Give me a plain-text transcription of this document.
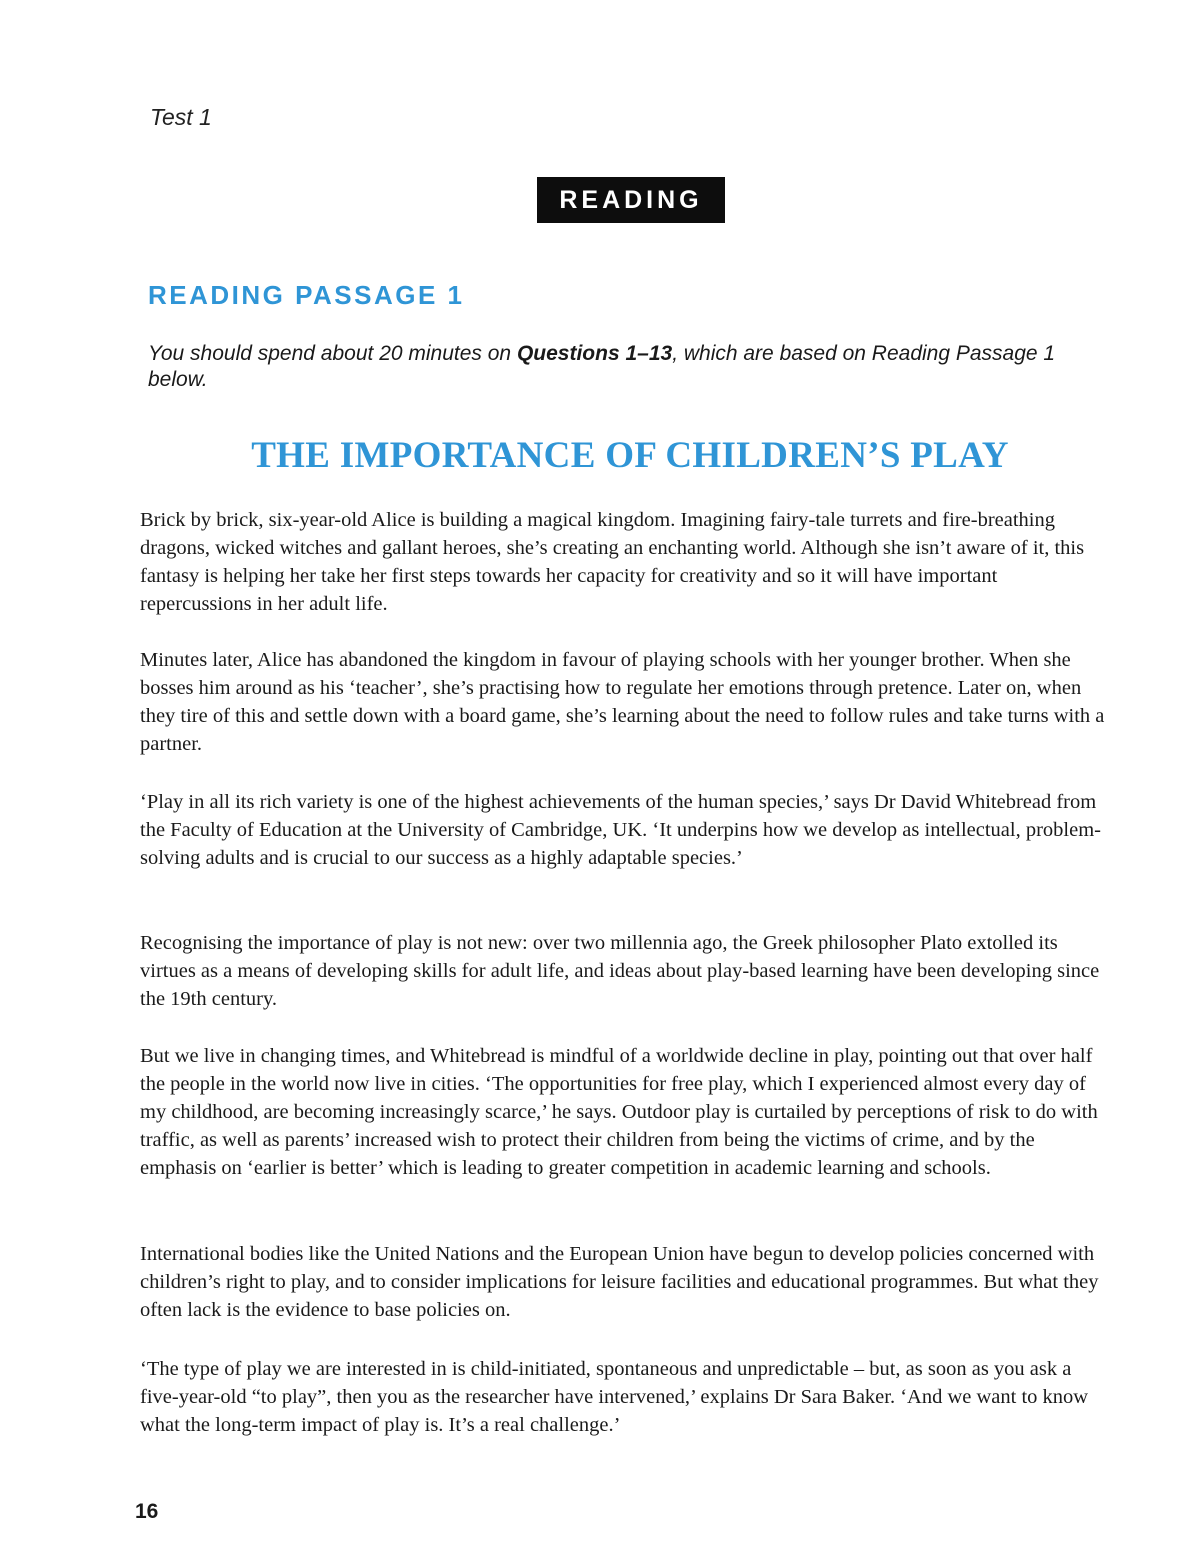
Test 1
READING
READING PASSAGE 1
You should spend about 20 minutes on Questions 1–13, which are based on Reading Passage 1 below.
THE IMPORTANCE OF CHILDREN’S PLAY

Brick by brick, six-year-old Alice is building a magical kingdom. Imagining fairy-tale turrets and fire-breathing dragons, wicked witches and gallant heroes, she’s creating an enchanting world. Although she isn’t aware of it, this fantasy is helping her take her first steps towards her capacity for creativity and so it will have important repercussions in her adult life.

Minutes later, Alice has abandoned the kingdom in favour of playing schools with her younger brother. When she bosses him around as his ‘teacher’, she’s practising how to regulate her emotions through pretence. Later on, when they tire of this and settle down with a board game, she’s learning about the need to follow rules and take turns with a partner.

‘Play in all its rich variety is one of the highest achievements of the human species,’ says Dr David Whitebread from the Faculty of Education at the University of Cambridge, UK. ‘It underpins how we develop as intellectual, problem-solving adults and is crucial to our success as a highly adaptable species.’

Recognising the importance of play is not new: over two millennia ago, the Greek philosopher Plato extolled its virtues as a means of developing skills for adult life, and ideas about play-based learning have been developing since the 19th century.

But we live in changing times, and Whitebread is mindful of a worldwide decline in play, pointing out that over half the people in the world now live in cities. ‘The opportunities for free play, which I experienced almost every day of my childhood, are becoming increasingly scarce,’ he says. Outdoor play is curtailed by perceptions of risk to do with traffic, as well as parents’ increased wish to protect their children from being the victims of crime, and by the emphasis on ‘earlier is better’ which is leading to greater competition in academic learning and schools.

International bodies like the United Nations and the European Union have begun to develop policies concerned with children’s right to play, and to consider implications for leisure facilities and educational programmes. But what they often lack is the evidence to base policies on.

‘The type of play we are interested in is child-initiated, spontaneous and unpredictable – but, as soon as you ask a five-year-old “to play”, then you as the researcher have intervened,’ explains Dr Sara Baker. ‘And we want to know what the long-term impact of play is. It’s a real challenge.’

16
